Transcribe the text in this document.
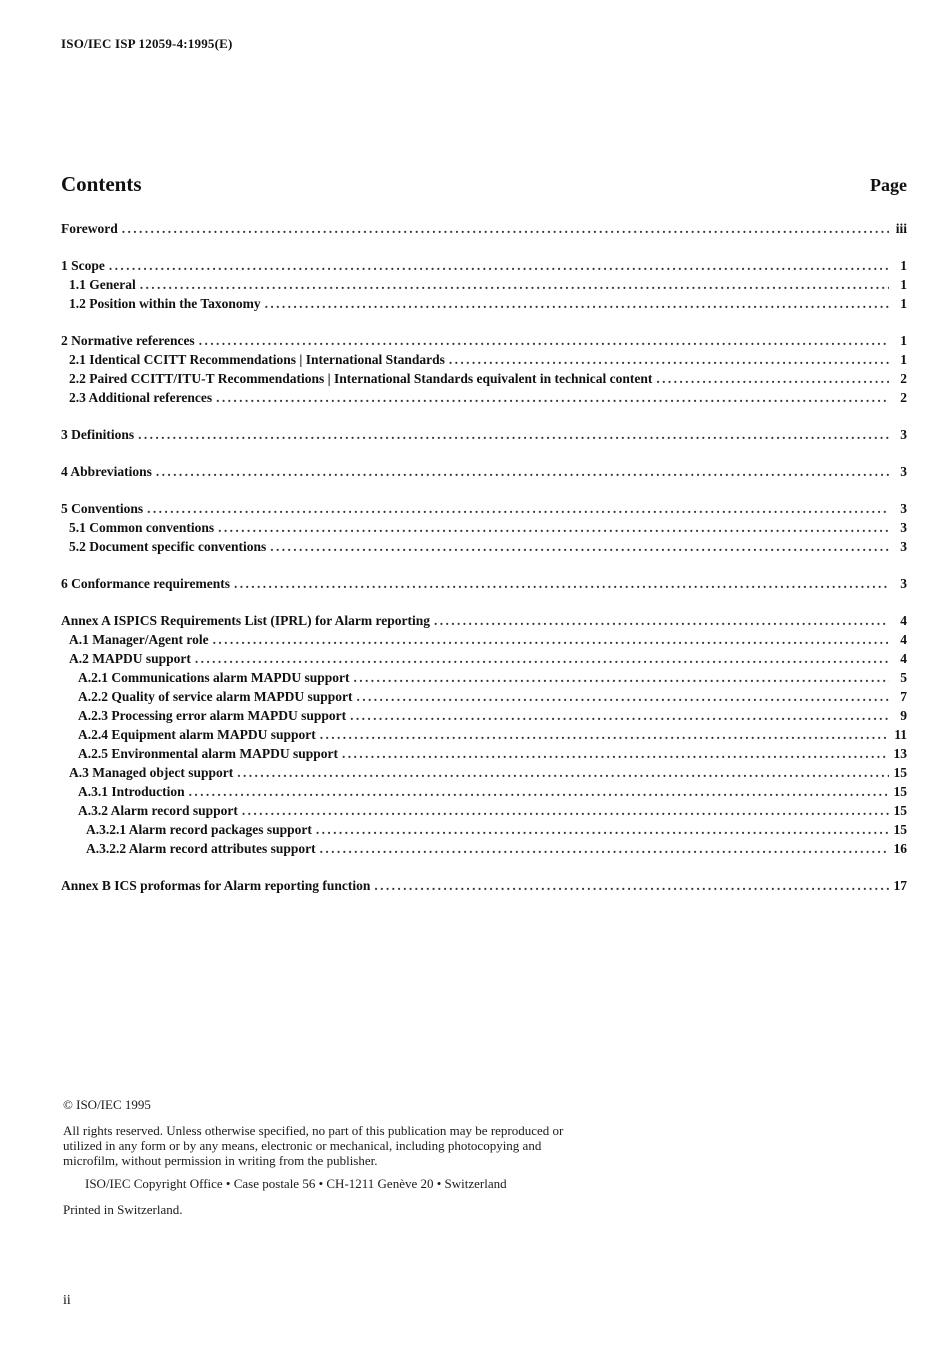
ISO/IEC ISP 12059-4:1995(E)
Contents	Page
Foreword . . .	iii
1 Scope . . .	1
1.1 General . . .	1
1.2 Position within the Taxonomy . . .	1
2 Normative references . . .	1
2.1 Identical CCITT Recommendations | International Standards . . .	1
2.2 Paired CCITT/ITU-T Recommendations | International Standards equivalent in technical content . . .	2
2.3 Additional references . . .	2
3 Definitions . . .	3
4 Abbreviations . . .	3
5 Conventions . . .	3
5.1 Common conventions . . .	3
5.2 Document specific conventions . . .	3
6 Conformance requirements . . .	3
Annex A ISPICS Requirements List (IPRL) for Alarm reporting . . .	4
A.1 Manager/Agent role . . .	4
A.2 MAPDU support . . .	4
A.2.1 Communications alarm MAPDU support . . .	5
A.2.2 Quality of service alarm MAPDU support . . .	7
A.2.3 Processing error alarm MAPDU support . . .	9
A.2.4 Equipment alarm MAPDU support . . .	11
A.2.5 Environmental alarm MAPDU support . . .	13
A.3 Managed object support . . .	15
A.3.1 Introduction . . .	15
A.3.2 Alarm record support . . .	15
A.3.2.1 Alarm record packages support . . .	15
A.3.2.2 Alarm record attributes support . . .	16
Annex B ICS proformas for Alarm reporting function . . .	17
© ISO/IEC 1995
All rights reserved. Unless otherwise specified, no part of this publication may be reproduced or utilized in any form or by any means, electronic or mechanical, including photocopying and microfilm, without permission in writing from the publisher.
ISO/IEC Copyright Office • Case postale 56 • CH-1211 Genève 20 • Switzerland
Printed in Switzerland.
ii
